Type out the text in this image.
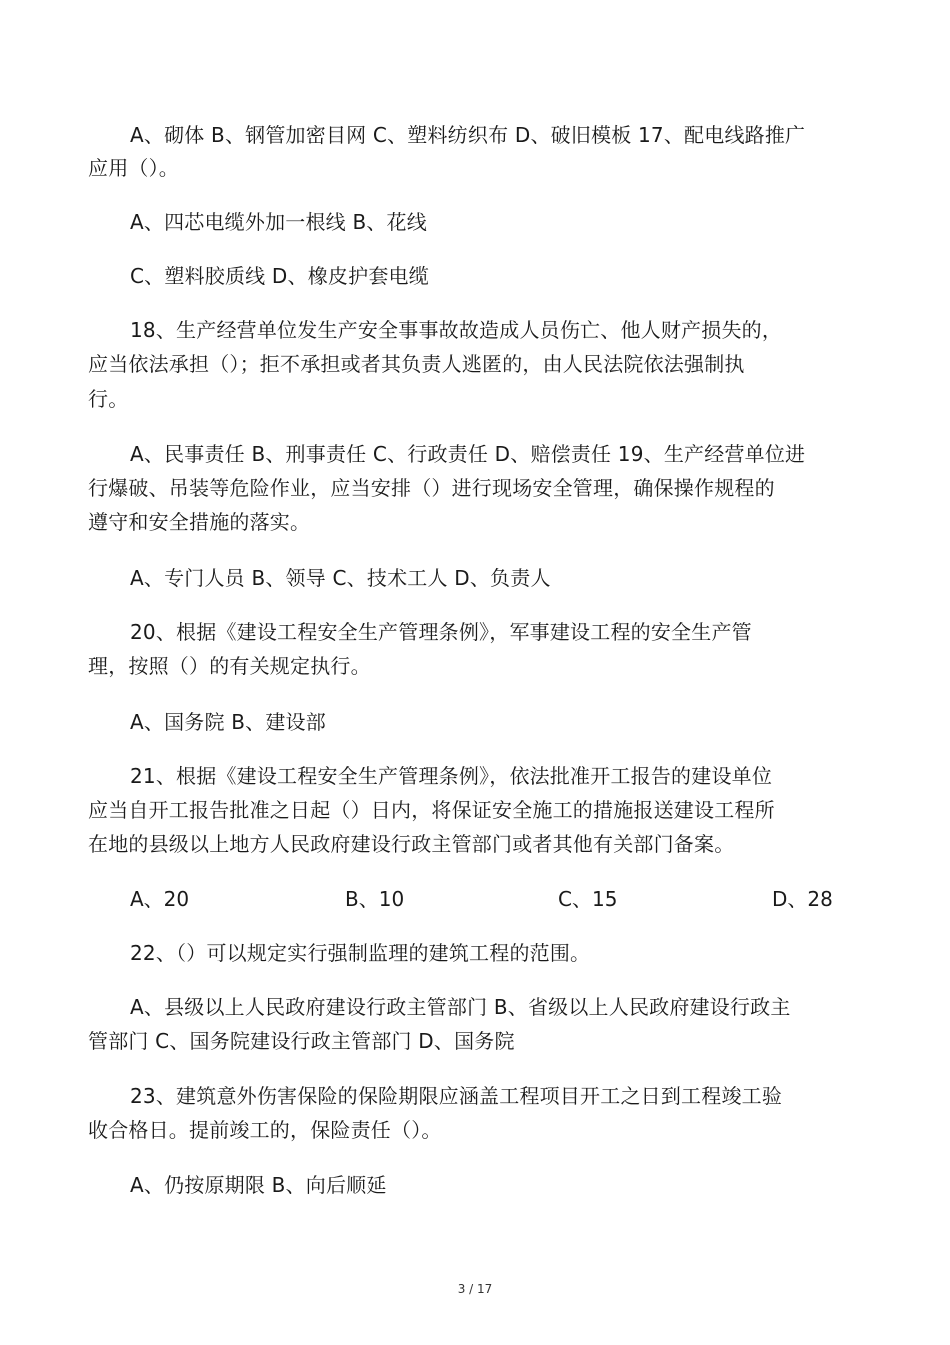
A、砌体 B、钢管加密目网 C、塑料纺织布 D、破旧模板 17、配电线路推广
应用（）。
A、四芯电缆外加一根线 B、花线
C、塑料胶质线 D、橡皮护套电缆
18、生产经营单位发生产安全事事故故造成人员伤亡、他人财产损失的，
应当依法承担（）；拒不承担或者其负责人逃匿的，由人民法院依法强制执
行。
A、民事责任 B、刑事责任 C、行政责任 D、赔偿责任 19、生产经营单位进
行爆破、吊装等危险作业，应当安排（）进行现场安全管理，确保操作规程的
遵守和安全措施的落实。
A、专门人员 B、领导 C、技术工人 D、负责人
20、根据《建设工程安全生产管理条例》，军事建设工程的安全生产管
理，按照（）的有关规定执行。
A、国务院 B、建设部
21、根据《建设工程安全生产管理条例》，依法批准开工报告的建设单位
应当自开工报告批准之日起（）日内，将保证安全施工的措施报送建设工程所
在地的县级以上地方人民政府建设行政主管部门或者其他有关部门备案。
A、20	B、10	C、15	D、28
22、（）可以规定实行强制监理的建筑工程的范围。
A、县级以上人民政府建设行政主管部门 B、省级以上人民政府建设行政主
管部门 C、国务院建设行政主管部门 D、国务院
23、建筑意外伤害保险的保险期限应涵盖工程项目开工之日到工程竣工验
收合格日。提前竣工的，保险责任（）。
A、仍按原期限 B、向后顺延
3 / 17
